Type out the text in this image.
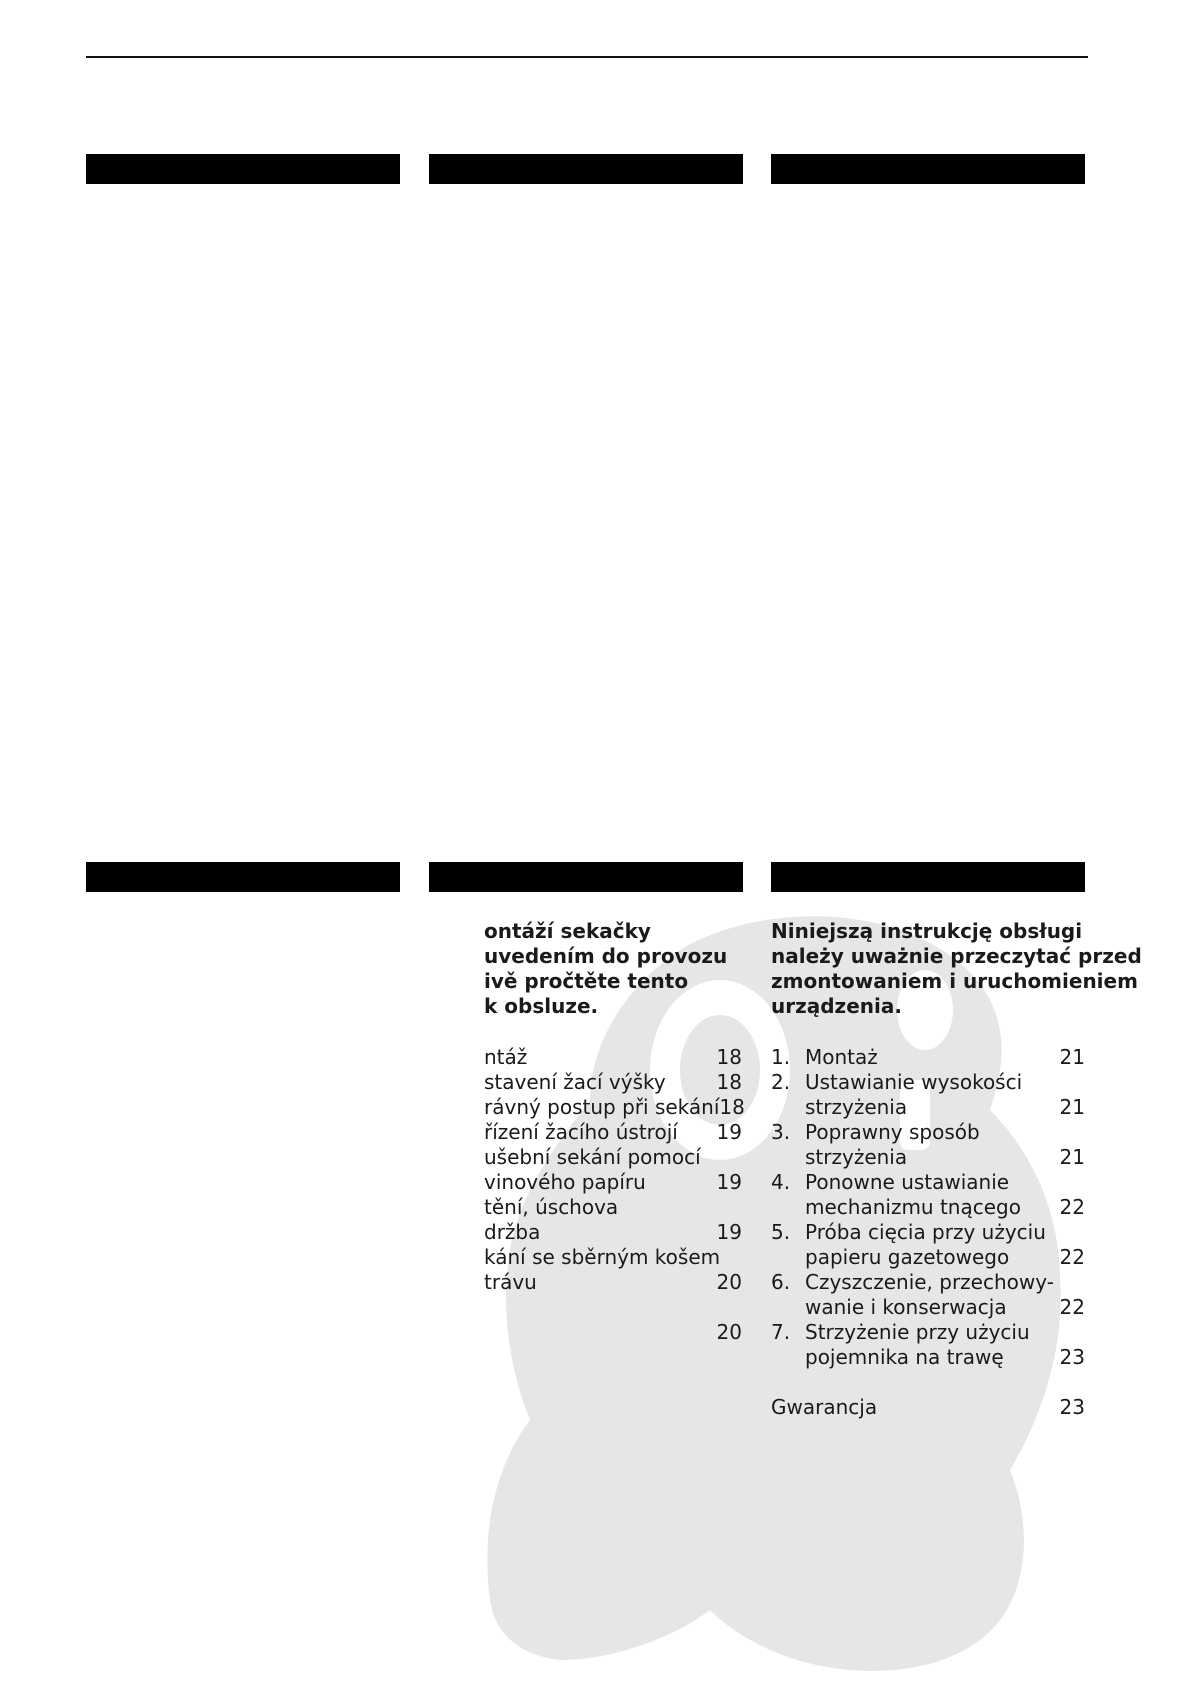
ontáží sekačky
uvedením do provozu
ivě pročtěte tento
k obsluze.
ntáž	18
stavení žací výšky	18
rávný postup při sekání 18
řízení žacího ústrojí 19
ušební sekání pomocí
vinového papíru	19
tění, úschova
držba	19
kání se sběrným košem
trávu	20
20
Niniejszą instrukcję obsługi
należy uważnie przeczytać przed
zmontowaniem i uruchomieniem
urządzenia.
1. Montaż	21
2. Ustawianie wysokości
strzyżenia	21
3. Poprawny sposób
strzyżenia	21
4. Ponowne ustawianie
mechanizmu tnącego 22
5. Próba cięcia przy użyciu
papieru gazetowego	22
6. Czyszczenie, przechowy-
wanie i konserwacja	22
7. Strzyżenie przy użyciu
pojemnika na trawę	23
Gwarancja	23
